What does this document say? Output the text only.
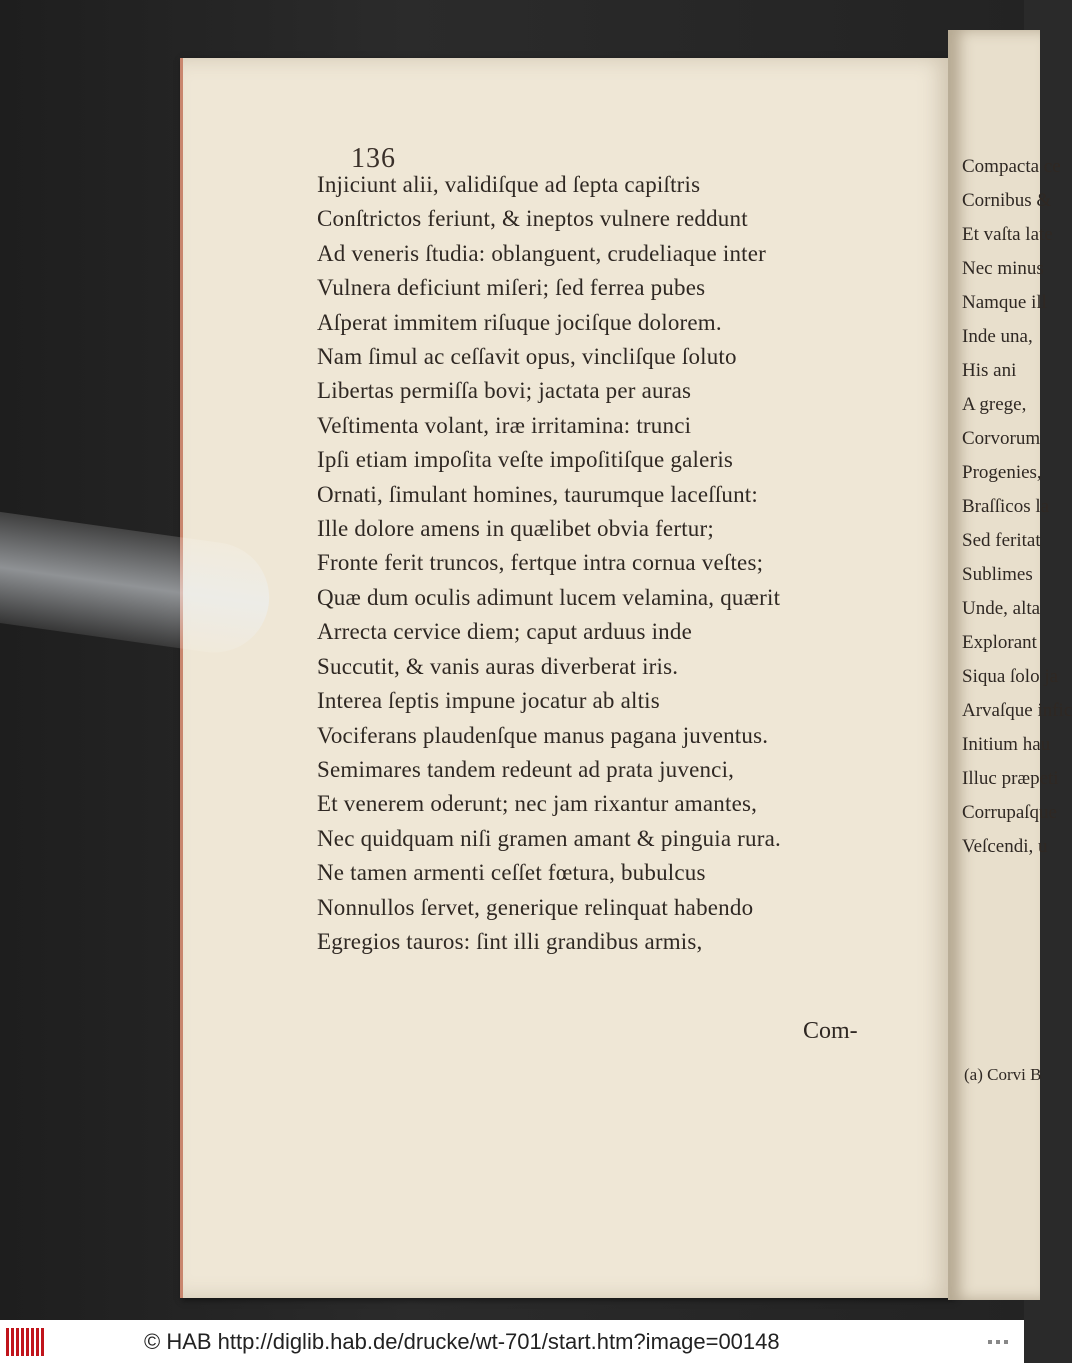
136
Injiciunt alii, validiſque ad ſepta capiſtris
Conſtrictos feriunt, & ineptos vulnere reddunt
Ad veneris ſtudia: oblanguent, crudeliaque inter
Vulnera deficiunt miſeri; ſed ferrea pubes
Aſperat immitem riſuque jociſque dolorem.
Nam ſimul ac ceſſavit opus, vincliſque ſoluto
Libertas permiſſa bovi; jactata per auras
Veſtimenta volant, iræ irritamina: trunci
Ipſi etiam impoſita veſte impoſitiſque galeris
Ornati, ſimulant homines, taurumque laceſſunt:
Ille dolore amens in quælibet obvia fertur;
Fronte ferit truncos, fertque intra cornua veſtes;
Quæ dum oculis adimunt lucem velamina, quærit
Arrecta cervice diem; caput arduus inde
Succutit, & vanis auras diverberat iris.
Interea ſeptis impune jocatur ab altis
Vociferans plaudenſque manus pagana juventus.
Semimares tandem redeunt ad prata juvenci,
Et venerem oderunt; nec jam rixantur amantes,
Nec quidquam niſi gramen amant & pinguia rura.
Ne tamen armenti ceſſet fœtura, bubulcus
Nonnullos ſervet, generique relinquat habendo
Egregios tauros: ſint illi grandibus armis,
Com-
Compacta ce
Cornibus &
Et vaſta late
Nec minus
Namque ill
Inde una,
His ani
A grege,
Corvorum
Progenies,
Braſſicos la
Sed feritat
Sublimes
Unde, alta
Explorant
Siqua ſolo ja
Arvaſque infic
Initium hau
Illuc præpeti
Corrupaſque
Veſcendi, u
(a) Corvi B
© HAB http://diglib.hab.de/drucke/wt-701/start.htm?image=00148
